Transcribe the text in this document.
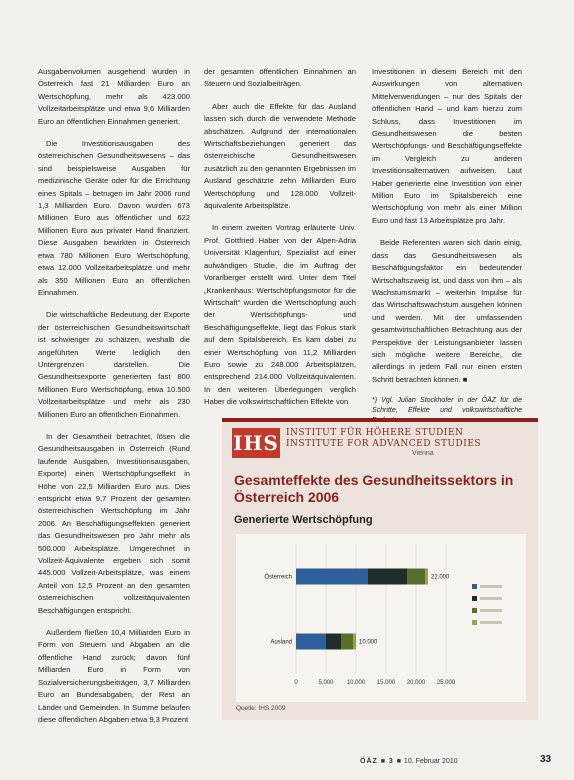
Ausgabenvolumen ausgehend wurden in Österreich fast 21 Milliarden Euro an Wertschöpfung, mehr als 423.000 Vollzeitarbeitsplätze und etwa 9,6 Milliarden Euro an öffentlichen Einnahmen generiert.

Die Investitionsausgaben des österreichischen Gesundheitswesens – das sind beispielsweise Ausgaben für medizinische Geräte oder für die Errichtung eines Spitals – betrugen im Jahr 2006 rund 1,3 Milliarden Euro. Davon wurden 673 Millionen Euro aus öffentlicher und 622 Millionen Euro aus privater Hand finanziert. Diese Ausgaben bewirkten in Österreich etwa 780 Millionen Euro Wertschöpfung, etwa 12.000 Vollzeitarbeitsplätze und mehr als 350 Millionen Euro an öffentlichen Einnahmen.

Die wirtschaftliche Bedeutung der Exporte der österreichischen Gesundheitswirtschaft ist schwieriger zu schätzen, weshalb die angeführten Werte lediglich den Untergrenzen darstellen. Die Gesundheitsexporte generierten fast 800 Millionen Euro Wertschöpfung, etwa 10.500 Vollzeitarbeitsplätze und mehr als 230 Millionen Euro an öffentlichen Einnahmen.

In der Gesamtheit betrachtet, lösen die Gesundheitsausgaben in Österreich (Rund laufende Ausgaben, Investitionsausgaben, Exporte) einen Wertschöpfungseffekt in Höhe von 22,5 Milliarden Euro aus. Dies entspricht etwa 9,7 Prozent der gesamten österreichischen Wertschöpfung im Jahr 2006. An Beschäftigungseffekten generiert das Gesundheitswesen pro Jahr mehr als 500.000 Arbeitsplätze. Umgerechnet in Vollzeit-Äquivalente ergeben sich somit 445.000 Vollzeit-Arbeitsplätze, was einem Anteil von 12,5 Prozent an den gesamten österreichischen vollzeitäquivalenten Beschäftigungen entspricht.

Außerdem fließen 10,4 Milliarden Euro in Form von Steuern und Abgaben an die öffentliche Hand zurück; davon fünf Milliarden Euro in Form von Sozialversicherungsbeiträgen, 3,7 Milliarden Euro an Bundesabgaben, der Rest an Länder und Gemeinden. In Summe belaufen diese öffentlichen Abgaben etwa 9,3 Prozent

der gesamten öffentlichen Einnahmen an Steuern und Sozialbeiträgen.

Aber auch die Effekte für das Ausland lassen sich durch die verwendete Methode abschätzen. Aufgrund der internationalen Wirtschaftsbeziehungen generiert das österreichische Gesundheitswesen zusätzlich zu den genannten Ergebnissen im Ausland geschätzte zehn Milliarden Euro Wertschöpfung und 128.000 Vollzeit-äquivalente Arbeitsplätze.

In einem zweiten Vortrag erläuterte Univ. Prof. Gottfried Haber von der Alpen-Adria Universität Klagenfurt, Spezialist auf einer aufwändigen Studie, die im Auftrag der Vorarlberger erstellt wird. Unter dem Titel „Krankenhaus: Wertschöpfungsmotor für die Wirtschaft“ wurden die Wertschöpfung auch der Wertschöpfungs- und Beschäftigungseffekte, liegt das Fokus stark auf dem Spitalsbereich. Es kam dabei zu einer Wertschöpfung von 11,2 Milliarden Euro sowie zu 248.000 Arbeitsplätzen, entsprechend 214.000 Vollzeitäquivalenten. In den weiteren Überlegungen verglich Haber die volkswirtschaftlichen Effekte von

Investitionen in diesem Bereich mit den Auswirkungen von alternativen Mittelverwendungen – nur des Spitals der öffentlichen Hand – und kam hierzu zum Schluss, dass Investitionen im Gesundheitswesen die besten Wertschöpfungs- und Beschäftigungseffekte im Vergleich zu anderen Investitionsalternativen aufweisen. Laut Haber generierte eine Investition von einer Million Euro im Spitalsbereich eine Wertschöpfung von mehr als einer Million Euro und fast 13 Arbeitsplätze pro Jahr.

Beide Referenten waren sich darin einig, dass das Gesundheitswesen als Beschäftigungsfaktor ein bedeutender Wirtschaftszweig ist, und dass von ihm – als Wachstumsmarkt – weiterhin Impulse für das Wirtschaftswachstum ausgehen können und werden. Mit der umfassenden gesamtwirtschaftlichen Betrachtung aus der Perspektive der Leistungsanbieter lassen sich mögliche weitere Bereiche, die allerdings in jedem Fall nur einen ersten Schritt betrachten können. ■

*) Vgl. Julian Stockhofer in der ÖÄZ für die Schritte, Effekte und volkswirtschaftliche

IHS INSTITUT FÜR HÖHERE STUDIEN
INSTITUTE FOR ADVANCED STUDIES
Vienna
Gesamteffekte des Gesundheitssektors in Österreich 2006
Generierte Wertschöpfung
0	5.000 10.000 15.000 20.000 25.000
Österreich	22.000
Ausland	10.000
Quelle: IHS 2009
ÖÄZ ■ 3 ■ 10. Februar 2010	33
